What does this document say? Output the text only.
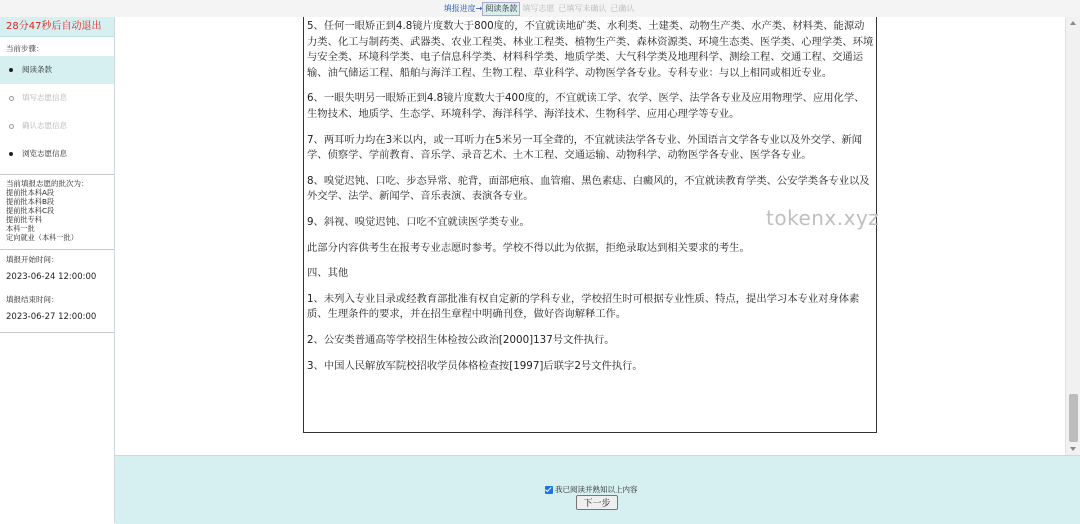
填报进度→ 阅读条款 填写志愿 已填写未确认 已确认
28分47秒后自动退出
当前步骤：
阅读条款
填写志愿信息
确认志愿信息
浏览志愿信息
当前填报志愿的批次为：
提前批本科A段
提前批本科B段
提前批本科C段
提前批专科
本科一批
定向就业（本科一批）
填报开始时间：
2023-06-24 12:00:00
填报结束时间：
2023-06-27 12:00:00

5、任何一眼矫正到4.8镜片度数大于800度的，不宜就读地矿类、水利类、土建类、动物生产类、水产类、材料类、能源动力类、化工与制药类、武器类、农业工程类、林业工程类、植物生产类、森林资源类、环境生态类、医学类、心理学类、环境与安全类、环境科学类、电子信息科学类、材料科学类、地质学类、大气科学类及地理科学、测绘工程、交通工程、交通运输、油气储运工程、船舶与海洋工程、生物工程、草业科学、动物医学各专业。专科专业：与以上相同或相近专业。

6、一眼失明另一眼矫正到4.8镜片度数大于400度的，不宜就读工学、农学、医学、法学各专业及应用物理学、应用化学、生物技术、地质学、生态学、环境科学、海洋科学、海洋技术、生物科学、应用心理学等专业。

7、两耳听力均在3米以内，或一耳听力在5米另一耳全聋的，不宜就读法学各专业、外国语言文学各专业以及外交学、新闻学、侦察学、学前教育、音乐学、录音艺术、土木工程、交通运输、动物科学、动物医学各专业、医学各专业。

8、嗅觉迟钝、口吃、步态异常、驼背，面部疤痕、血管瘤、黑色素痣、白癜风的，不宜就读教育学类、公安学类各专业以及外交学、法学、新闻学、音乐表演、表演各专业。

9、斜视、嗅觉迟钝、口吃不宜就读医学类专业。

此部分内容供考生在报考专业志愿时参考。学校不得以此为依据，拒绝录取达到相关要求的考生。

四、其他

1、未列入专业目录或经教育部批准有权自定新的学科专业，学校招生时可根据专业性质、特点，提出学习本专业对身体素质、生理条件的要求，并在招生章程中明确刊登，做好咨询解释工作。

2、公安类普通高等学校招生体检按公政治[2000]137号文件执行。

3、中国人民解放军院校招收学员体格检查按[1997]后联字2号文件执行。

tokenx.xyz
我已阅读并熟知以上内容
下一步
